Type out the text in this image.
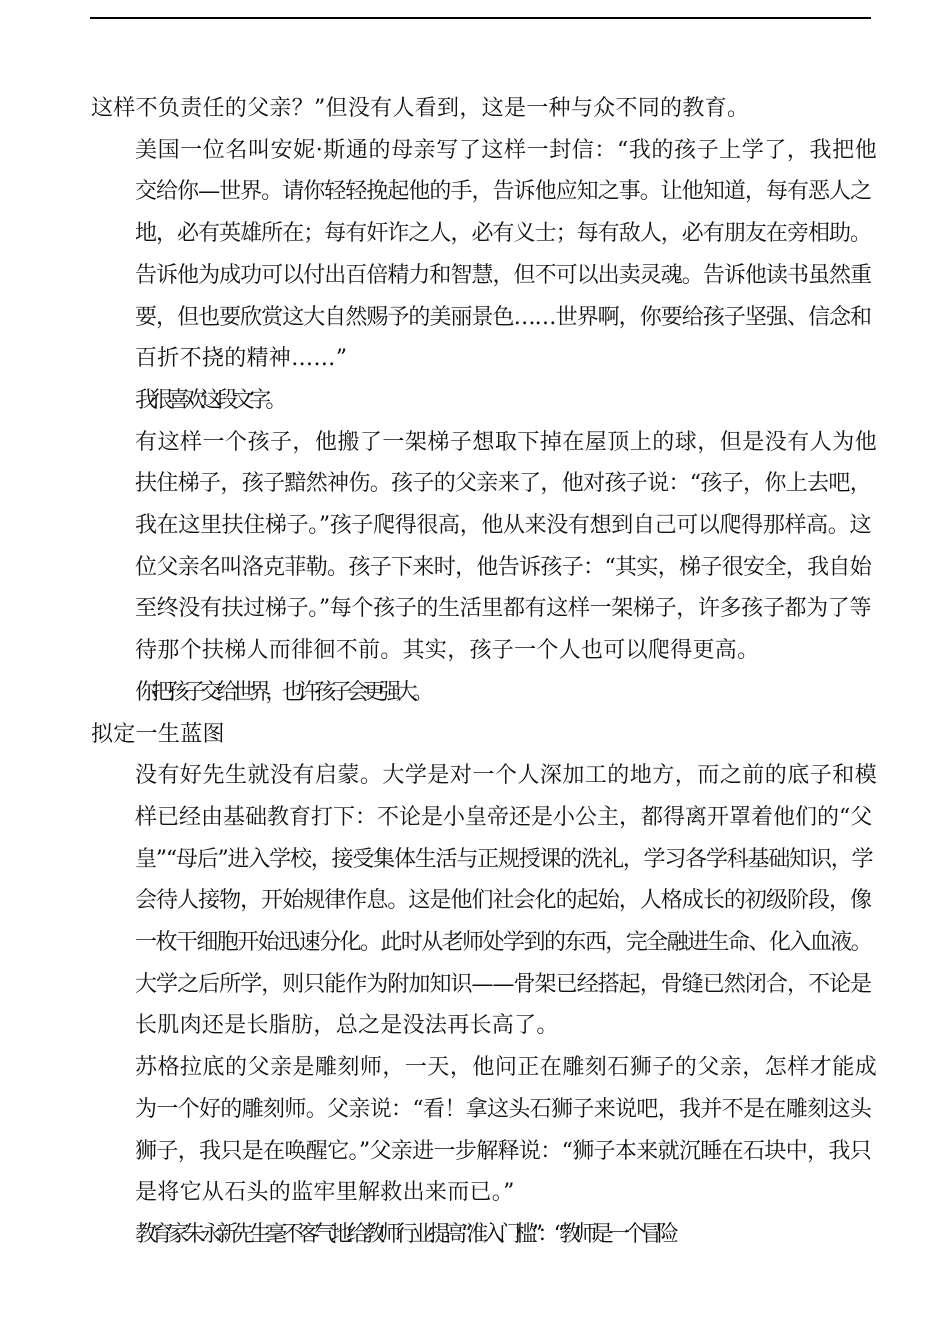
这样不负责任的父亲？”但没有人看到，这是一种与众不同的教育。
美国一位名叫安妮·斯通的母亲写了这样一封信：“我的孩子上学了，我把他
交给你—世界。请你轻轻挽起他的手，告诉他应知之事。让他知道，每有恶人之
地，必有英雄所在；每有奸诈之人，必有义士；每有敌人，必有朋友在旁相助。
告诉他为成功可以付出百倍精力和智慧，但不可以出卖灵魂。告诉他读书虽然重
要，但也要欣赏这大自然赐予的美丽景色……世界啊，你要给孩子坚强、信念和
百折不挠的精神……”
我很喜欢这段文字。
有这样一个孩子，他搬了一架梯子想取下掉在屋顶上的球，但是没有人为他
扶住梯子，孩子黯然神伤。孩子的父亲来了，他对孩子说：“孩子，你上去吧，
我在这里扶住梯子。”孩子爬得很高，他从来没有想到自己可以爬得那样高。这
位父亲名叫洛克菲勒。孩子下来时，他告诉孩子：“其实，梯子很安全，我自始
至终没有扶过梯子。”每个孩子的生活里都有这样一架梯子，许多孩子都为了等
待那个扶梯人而徘徊不前。其实，孩子一个人也可以爬得更高。
你把孩子交给世界，也许孩子会更强大。
拟定一生蓝图
没有好先生就没有启蒙。大学是对一个人深加工的地方，而之前的底子和模
样已经由基础教育打下：不论是小皇帝还是小公主，都得离开罩着他们的“父
皇”“母后”进入学校，接受集体生活与正规授课的洗礼，学习各学科基础知识，学
会待人接物，开始规律作息。这是他们社会化的起始，人格成长的初级阶段，像
一枚干细胞开始迅速分化。此时从老师处学到的东西，完全融进生命、化入血液。
大学之后所学，则只能作为附加知识——骨架已经搭起，骨缝已然闭合，不论是
长肌肉还是长脂肪，总之是没法再长高了。
苏格拉底的父亲是雕刻师，一天，他问正在雕刻石狮子的父亲，怎样才能成
为一个好的雕刻师。父亲说：“看！拿这头石狮子来说吧，我并不是在雕刻这头
狮子，我只是在唤醒它。”父亲进一步解释说：“狮子本来就沉睡在石块中，我只
是将它从石头的监牢里解救出来而已。”
教育家朱永新先生毫不客气地给教师行业提高“准入门槛”：“教师是一个冒险
